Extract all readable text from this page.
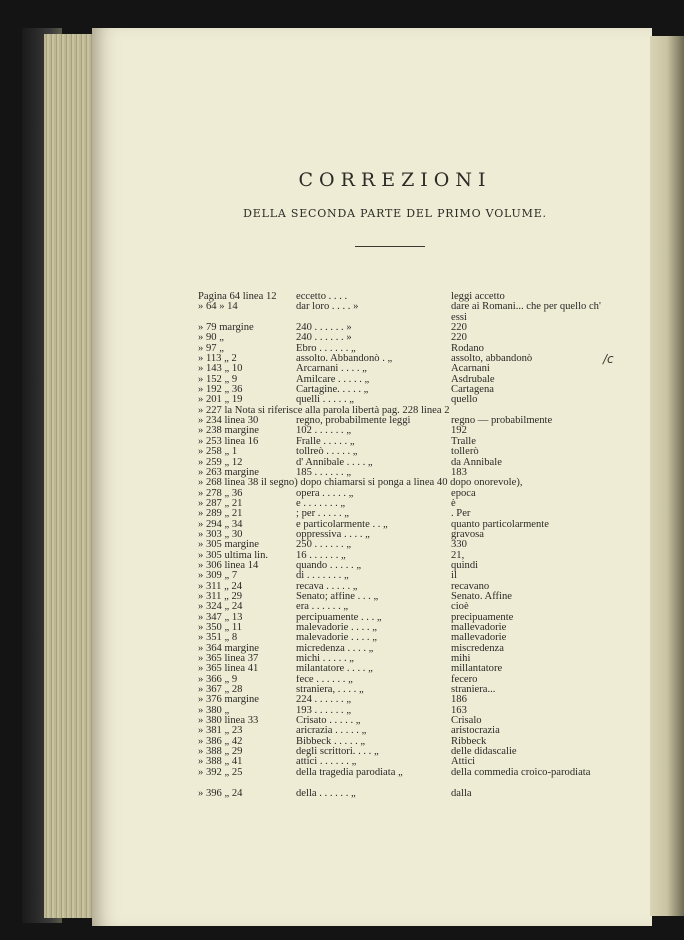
CORREZIONI
DELLA SECONDA PARTE DEL PRIMO VOLUME.
Pagina 64 linea 12	eccetto . . . .	leggi accetto
» 64 » 14	dar loro . . . . »	dare ai Romani... che per quello ch' essi
» 79 margine	240 . . . . . . »	220
» 90 „	240 . . . . . . »	220
» 97 „	Ebro . . . . . . „	Rodano
» 113 „ 2	assolto. Abbandonò . „	assolto, abbandonò
» 143 „ 10	Arcarnani . . . . „	Acarnani
» 152 „ 9	Amilcare . . . . . „	Asdrubale
» 192 „ 36	Cartagine. . . . . „	Cartagena
» 201 „ 19	quelli . . . . . „	quello
» 227 la Nota si riferisce alla parola libertà pag. 228 linea 2
» 234 linea 30	regno, probabilmente leggi	regno — probabilmente
» 238 margine	102 . . . . . . „	192
» 253 linea 16	Fralle . . . . . „	Tralle
» 258 „ 1	tollreò . . . . . „	tollerò
» 259 „ 12	d' Annibale . . . . „	da Annibale
» 263 margine	185 . . . . . . „	183
» 268 linea 38 il segno) dopo chiamarsi si ponga a linea 40 dopo onorevole),
» 278 „ 36	opera . . . . . „	epoca
» 287 „ 21	e . . . . . . . „	è
» 289 „ 21	; per . . . . . „	. Per
» 294 „ 34	e particolarmente . . „	quanto particolarmente
» 303 „ 30	oppressiva . . . . „	gravosa
» 305 margine	250 . . . . . . „	330
» 305 ultima lin.	16 . . . . . . „	21,
» 306 linea 14	quando . . . . . „	quindi
» 309 „ 7	di . . . . . . . „	il
» 311 „ 24	recava . . . . . „	recavano
» 311 „ 29	Senato; affine . . . „	Senato. Affine
» 324 „ 24	era . . . . . . „	cioè
» 347 „ 13	percipuamente . . . „	precipuamente
» 350 „ 11	malevadorie . . . . „	mallevadorie
» 351 „ 8	malevadorie . . . . „	mallevadorie
» 364 margine	micredenza . . . . „	miscredenza
» 365 linea 37	michi . . . . . „	mihi
» 365 linea 41	milantatore . . . . „	millantatore
» 366 „ 9	fece . . . . . . „	fecero
» 367 „ 28	straniera, . . . . „	straniera...
» 376 margine	224 . . . . . . „	186
» 380 „	193 . . . . . . „	163
» 380 linea 33	Crisato . . . . . „	Crisalo
» 381 „ 23	aricrazia . . . . . „	aristocrazia
» 386 „ 42	Bibbeck . . . . . „	Ribbeck
» 388 „ 29	degli scrittori. . . . „	delle didascalie
» 388 „ 41	attici . . . . . . „	Attici
» 392 „ 25	della tragedia parodiata „	della commedia croico-parodiata
» 396 „ 24	della . . . . . . „	dalla
/c
